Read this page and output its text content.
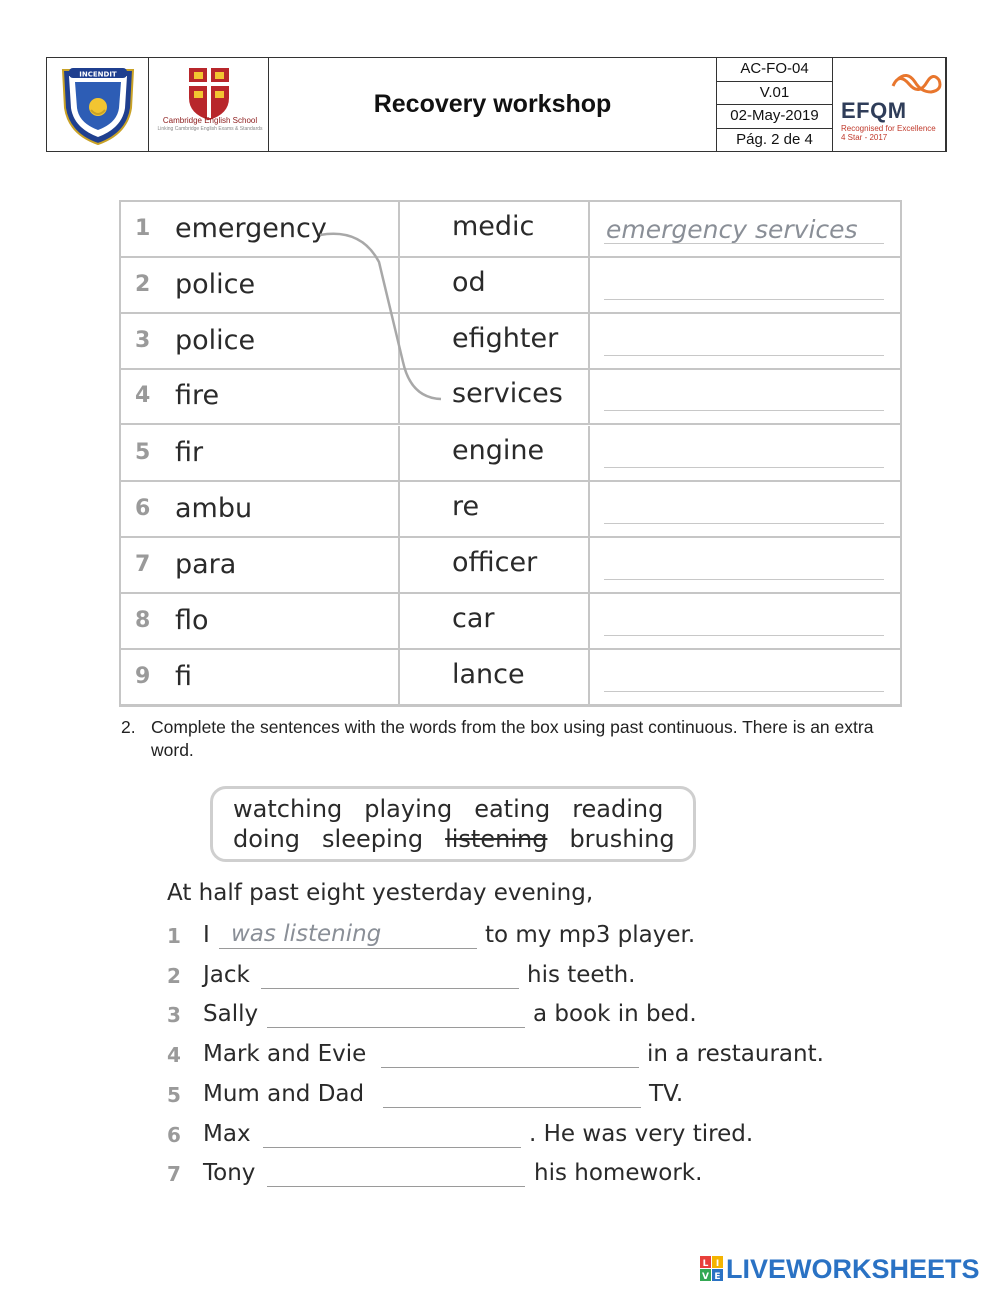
INCENDIT
Cambridge English School
Linking Cambridge English Exams & Standards
Recovery workshop
AC-FO-04
V.01
02-May-2019
Pág. 2 de 4
EFQM
Recognised for Excellence
4 Star - 2017
1 emergency	medic	emergency services
2 police	od
3 police	efighter
4 fire	services
5 fir	engine
6 ambu	re
7 para	officer
8 flo	car
9 fi	lance
2. Complete the sentences with the words from the box using past continuous. There is an extra word.
watching playing eating reading
doing sleeping listening brushing
At half past eight yesterday evening,
1 I was listening	to my mp3 player.
2 Jack	his teeth.
3 Sally	a book in bed.
4 Mark and Evie	in a restaurant.
5 Mum and Dad	TV.
6 Max	. He was very tired.
7 Tony	his homework.
L I
V E LIVEWORKSHEETS
